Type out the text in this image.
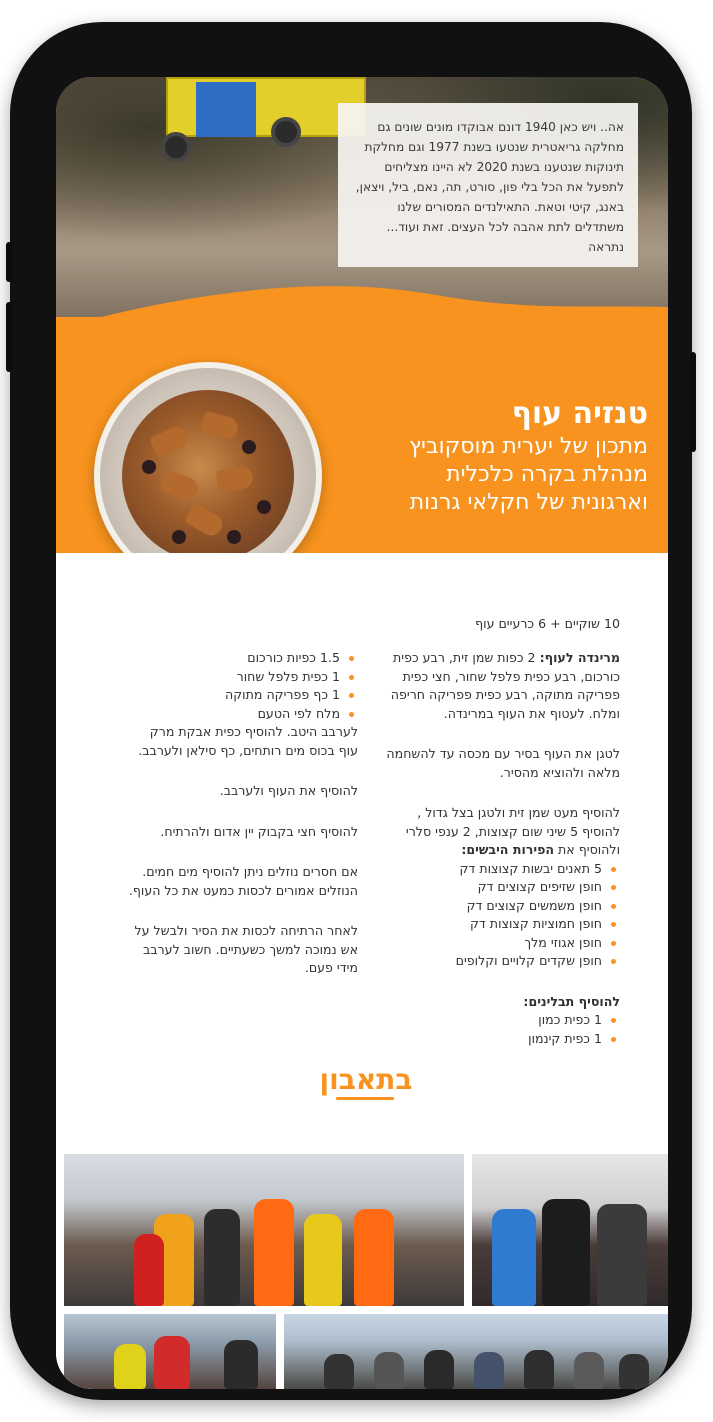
אה.. ויש כאן 1940 דונם אבוקדו מונים שונים גם מחלקה גריאטרית שנטעו בשנת 1977 וגם מחלקת תינוקות שנטענו בשנת 2020 לא היינו מצליחים לתפעל את הכל בלי פון, סורט, תה, נאם, ביל, ויצאן, באנג, קיטי וטאת. התאילנדים המסורים שלנו משתדלים לתת אהבה לכל העצים. זאת ועוד... נתראה

טנזיה עוף

מתכון של יערית מוסקוביץ

מנהלת בקרה כלכלית

וארגונית של חקלאי גרנות

10 שוקיים + 6 כרעיים עוף

מרינדה לעוף: 2 כפות שמן זית, רבע כפית כורכום, רבע כפית פלפל שחור, חצי כפית פפריקה מתוקה, רבע כפית פפריקה חריפה ומלח. לעטוף את העוף במרינדה.

לטגן את העוף בסיר עם מכסה עד להשחמה מלאה ולהוציא מהסיר.

להוסיף מעט שמן זית ולטגן בצל גדול , להוסיף 5 שיני שום קצוצות, 2 ענפי סלרי ולהוסיף את הפירות היבשים:

5 תאנים יבשות קצוצות דק
חופן שזיפים קצוצים דק
חופן משמשים קצוצים דק
חופן חמוציות קצוצות דק
חופן אגוזי מלך
חופן שקדים קלויים וקלופים

להוסיף תבלינים:

1 כפית כמון
1 כפית קינמון
1.5 כפיות כורכום
1 כפית פלפל שחור
1 כף פפריקה מתוקה
מלח לפי הטעם

לערבב היטב. להוסיף כפית אבקת מרק עוף בכוס מים רותחים, כף סילאן ולערבב.

להוסיף את העוף ולערבב.

להוסיף חצי בקבוק יין אדום ולהרתיח.

אם חסרים נוזלים ניתן להוסיף מים חמים. הנוזלים אמורים לכסות כמעט את כל העוף.

לאחר הרתיחה לכסות את הסיר ולבשל על אש נמוכה למשך כשעתיים. חשוב לערבב מידי פעם.

בתאבון
